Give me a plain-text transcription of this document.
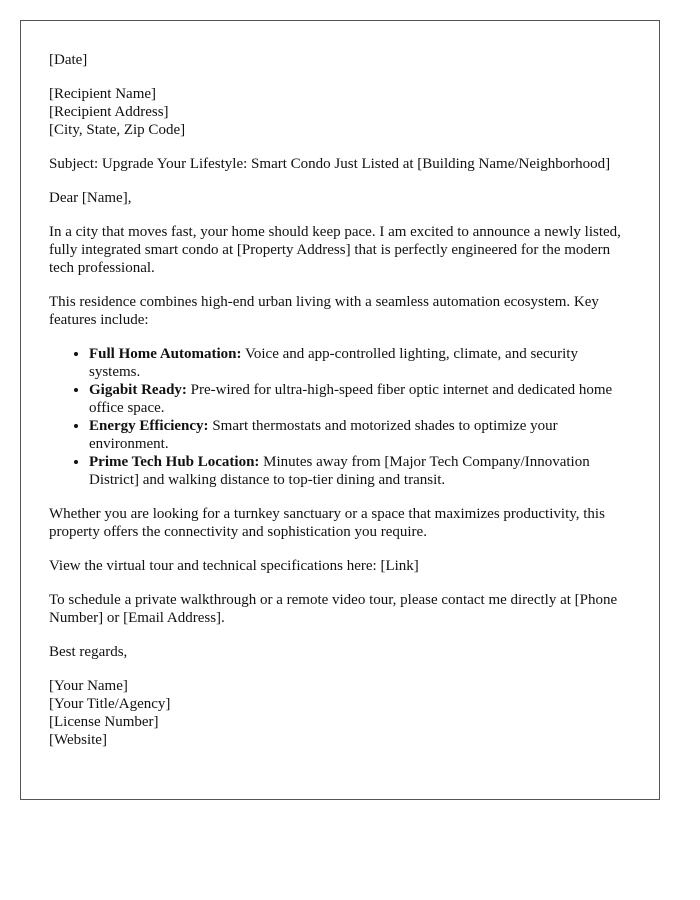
[Date]

[Recipient Name]
[Recipient Address]
[City, State, Zip Code]

Subject: Upgrade Your Lifestyle: Smart Condo Just Listed at [Building Name/Neighborhood]

Dear [Name],

In a city that moves fast, your home should keep pace. I am excited to announce a newly listed, fully integrated smart condo at [Property Address] that is perfectly engineered for the modern tech professional.

This residence combines high-end urban living with a seamless automation ecosystem. Key features include:

• Full Home Automation: Voice and app-controlled lighting, climate, and security systems.
• Gigabit Ready: Pre-wired for ultra-high-speed fiber optic internet and dedicated home office space.
• Energy Efficiency: Smart thermostats and motorized shades to optimize your environment.
• Prime Tech Hub Location: Minutes away from [Major Tech Company/Innovation District] and walking distance to top-tier dining and transit.

Whether you are looking for a turnkey sanctuary or a space that maximizes productivity, this property offers the connectivity and sophistication you require.

View the virtual tour and technical specifications here: [Link]

To schedule a private walkthrough or a remote video tour, please contact me directly at [Phone Number] or [Email Address].

Best regards,

[Your Name]
[Your Title/Agency]
[License Number]
[Website]
